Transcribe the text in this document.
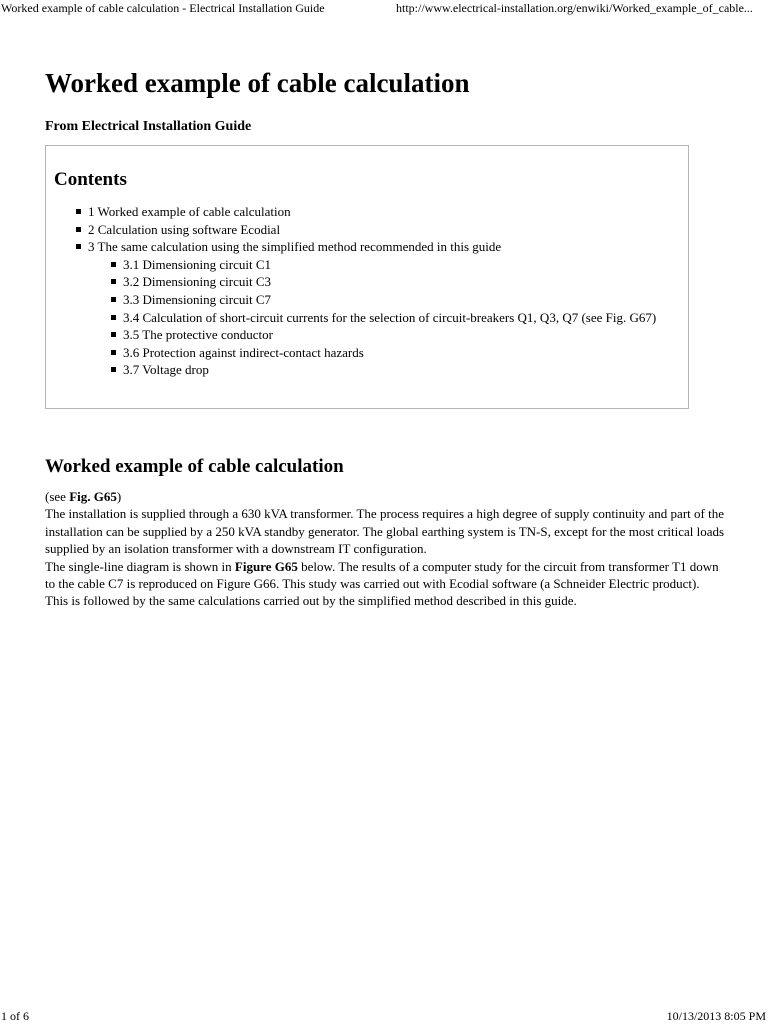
Worked example of cable calculation - Electrical Installation Guide	http://www.electrical-installation.org/enwiki/Worked_example_of_cable...
Worked example of cable calculation
From Electrical Installation Guide
Contents
1 Worked example of cable calculation
2 Calculation using software Ecodial
3 The same calculation using the simplified method recommended in this guide
3.1 Dimensioning circuit C1
3.2 Dimensioning circuit C3
3.3 Dimensioning circuit C7
3.4 Calculation of short-circuit currents for the selection of circuit-breakers Q1, Q3, Q7 (see Fig. G67)
3.5 The protective conductor
3.6 Protection against indirect-contact hazards
3.7 Voltage drop
Worked example of cable calculation

(see Fig. G65)

The installation is supplied through a 630 kVA transformer. The process requires a high degree of supply continuity and part of the installation can be supplied by a 250 kVA standby generator. The global earthing system is TN-S, except for the most critical loads supplied by an isolation transformer with a downstream IT configuration.

The single-line diagram is shown in Figure G65 below. The results of a computer study for the circuit from transformer T1 down to the cable C7 is reproduced on Figure G66. This study was carried out with Ecodial software (a Schneider Electric product).

This is followed by the same calculations carried out by the simplified method described in this guide.

1 of 6	10/13/2013 8:05 PM
